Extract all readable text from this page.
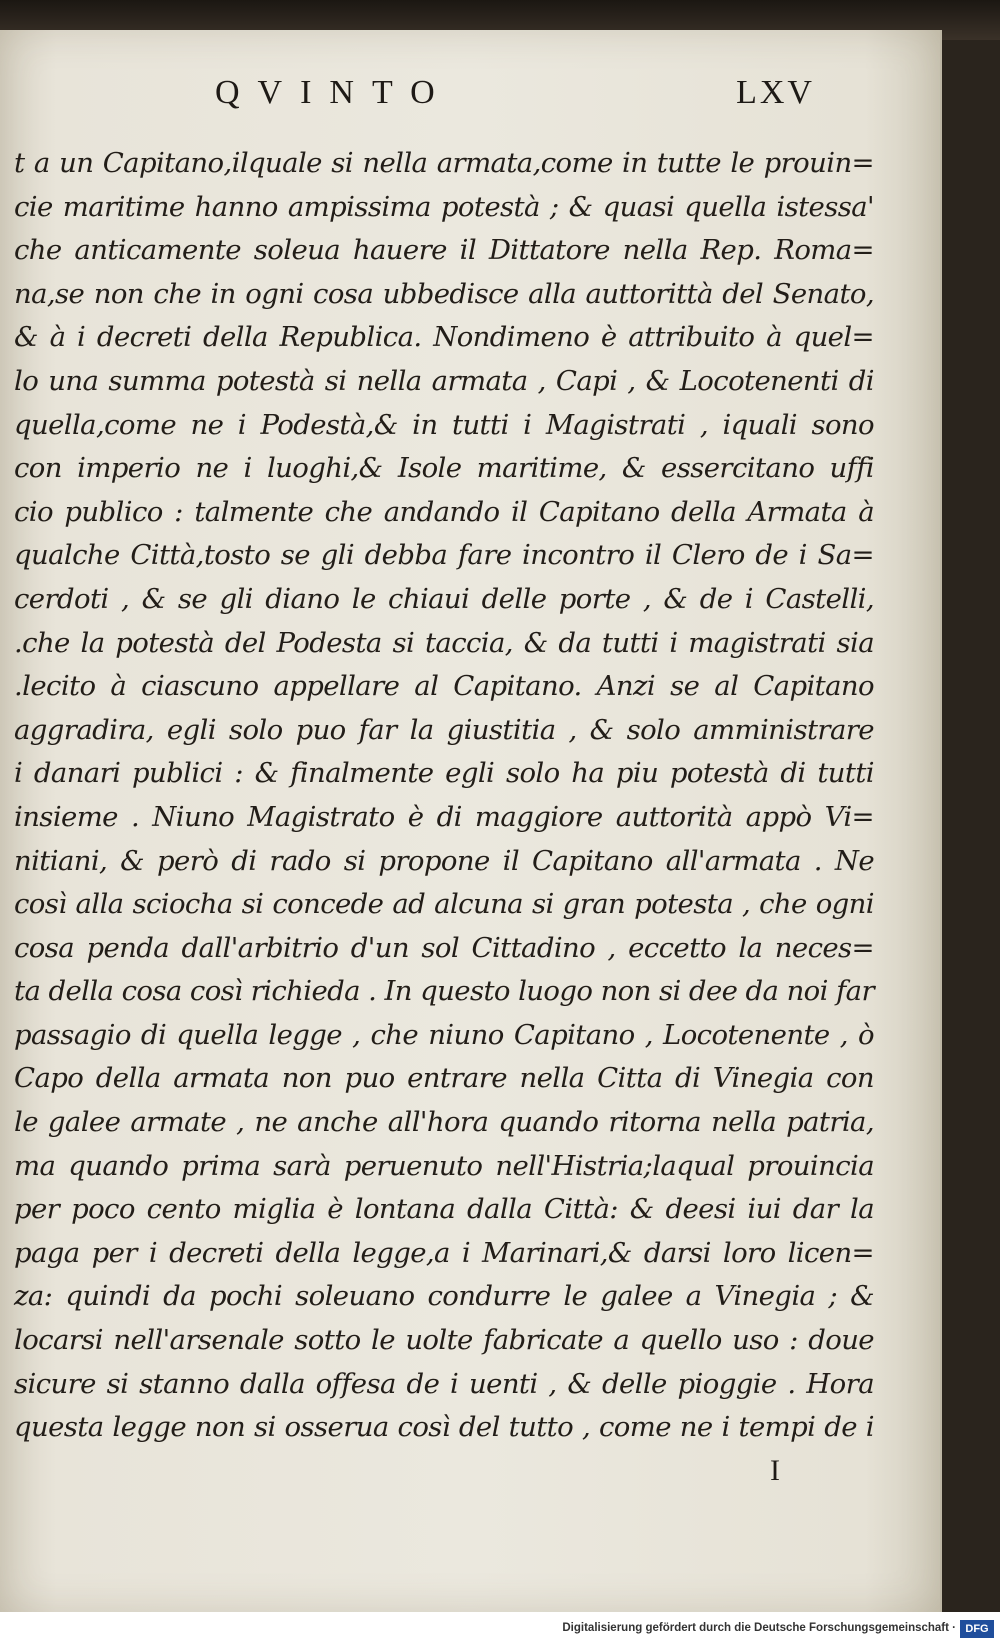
QVINTO	LXV
t a un Capitano,ilquale si nella armata,come in tutte le prouin=
cie maritime hanno ampissima potestà ; & quasi quella istessa'
che anticamente soleua hauere il Dittatore nella Rep. Roma=
na,se non che in ogni cosa ubbedisce alla auttorittà del Senato,
& à i decreti della Republica. Nondimeno è attribuito à quel=
lo una summa potestà si nella armata , Capi , & Locotenenti di
quella,come ne i Podestà,& in tutti i Magistrati , iquali sono
con imperio ne i luoghi,& Isole maritime, & essercitano uffi
cio publico : talmente che andando il Capitano della Armata à
qualche Città,tosto se gli debba fare incontro il Clero de i Sa=
cerdoti , & se gli diano le chiaui delle porte , & de i Castelli,
.che la potestà del Podesta si taccia, & da tutti i magistrati sia
.lecito à ciascuno appellare al Capitano. Anzi se al Capitano
aggradira, egli solo puo far la giustitia , & solo amministrare
i danari publici : & finalmente egli solo ha piu potestà di tutti
insieme . Niuno Magistrato è di maggiore auttorità appò Vi=
nitiani, & però di rado si propone il Capitano all'armata . Ne
così alla sciocha si concede ad alcuna si gran potesta , che ogni
cosa penda dall'arbitrio d'un sol Cittadino , eccetto la neces=
ta della cosa così richieda . In questo luogo non si dee da noi far
passagio di quella legge , che niuno Capitano , Locotenente , ò
Capo della armata non puo entrare nella Citta di Vinegia con
le galee armate , ne anche all'hora quando ritorna nella patria,
ma quando prima sarà peruenuto nell'Histria;laqual prouincia
per poco cento miglia è lontana dalla Città: & deesi iui dar la
paga per i decreti della legge,a i Marinari,& darsi loro licen=
za: quindi da pochi soleuano condurre le galee a Vinegia ; &
locarsi nell'arsenale sotto le uolte fabricate a quello uso : doue
sicure si stanno dalla offesa de i uenti , & delle pioggie . Hora
questa legge non si osserua così del tutto , come ne i tempi de i
I
Digitalisierung gefördert durch die Deutsche Forschungsgemeinschaft · DFG
